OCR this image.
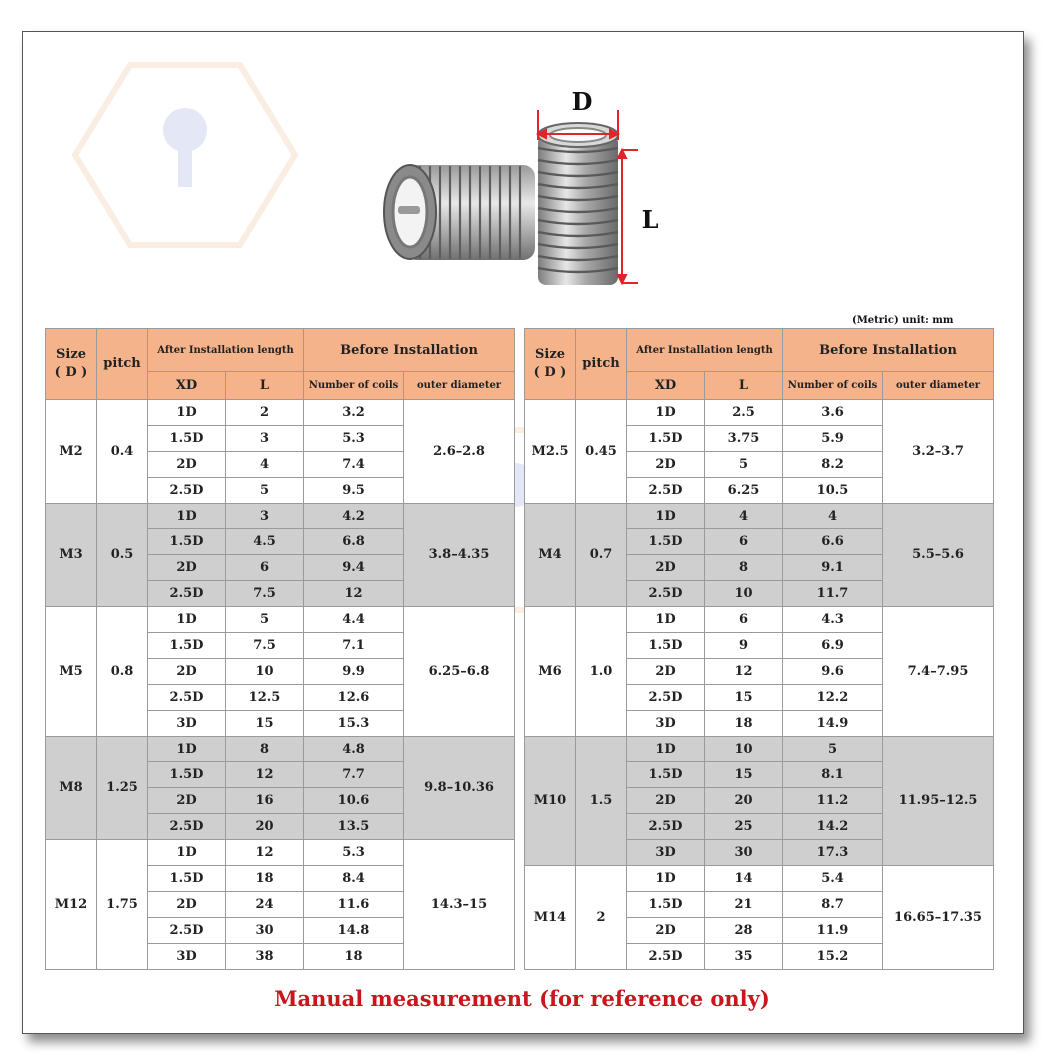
D
L
(Metric) unit: mm
Size
( D )	pitch	After Installation length		Before Installation	
		XD	L	Number of coils	outer diameter
M2	0.4	1D	2	3.2	2.6–2.8
		1.5D	3	5.3	
		2D	4	7.4	
		2.5D	5	9.5	
M3	0.5	1D	3	4.2	3.8–4.35
		1.5D	4.5	6.8	
		2D	6	9.4	
		2.5D	7.5	12	
M5	0.8	1D	5	4.4	6.25–6.8
		1.5D	7.5	7.1	
		2D	10	9.9	
		2.5D	12.5	12.6	
		3D	15	15.3	
M8	1.25	1D	8	4.8	9.8–10.36
		1.5D	12	7.7	
		2D	16	10.6	
		2.5D	20	13.5	
M12	1.75	1D	12	5.3	14.3–15
		1.5D	18	8.4	
		2D	24	11.6	
		2.5D	30	14.8	
		3D	38	18	
Size
( D )	pitch	After Installation length		Before Installation	
		XD	L	Number of coils	outer diameter
M2.5	0.45	1D	2.5	3.6	3.2–3.7
		1.5D	3.75	5.9	
		2D	5	8.2	
		2.5D	6.25	10.5	
M4	0.7	1D	4	4	5.5–5.6
		1.5D	6	6.6	
		2D	8	9.1	
		2.5D	10	11.7	
M6	1.0	1D	6	4.3	7.4–7.95
		1.5D	9	6.9	
		2D	12	9.6	
		2.5D	15	12.2	
		3D	18	14.9	
M10	1.5	1D	10	5	11.95–12.5
		1.5D	15	8.1	
		2D	20	11.2	
		2.5D	25	14.2	
		3D	30	17.3	
M14	2	1D	14	5.4	16.65–17.35
		1.5D	21	8.7	
		2D	28	11.9	
		2.5D	35	15.2	
Manual measurement (for reference only)
